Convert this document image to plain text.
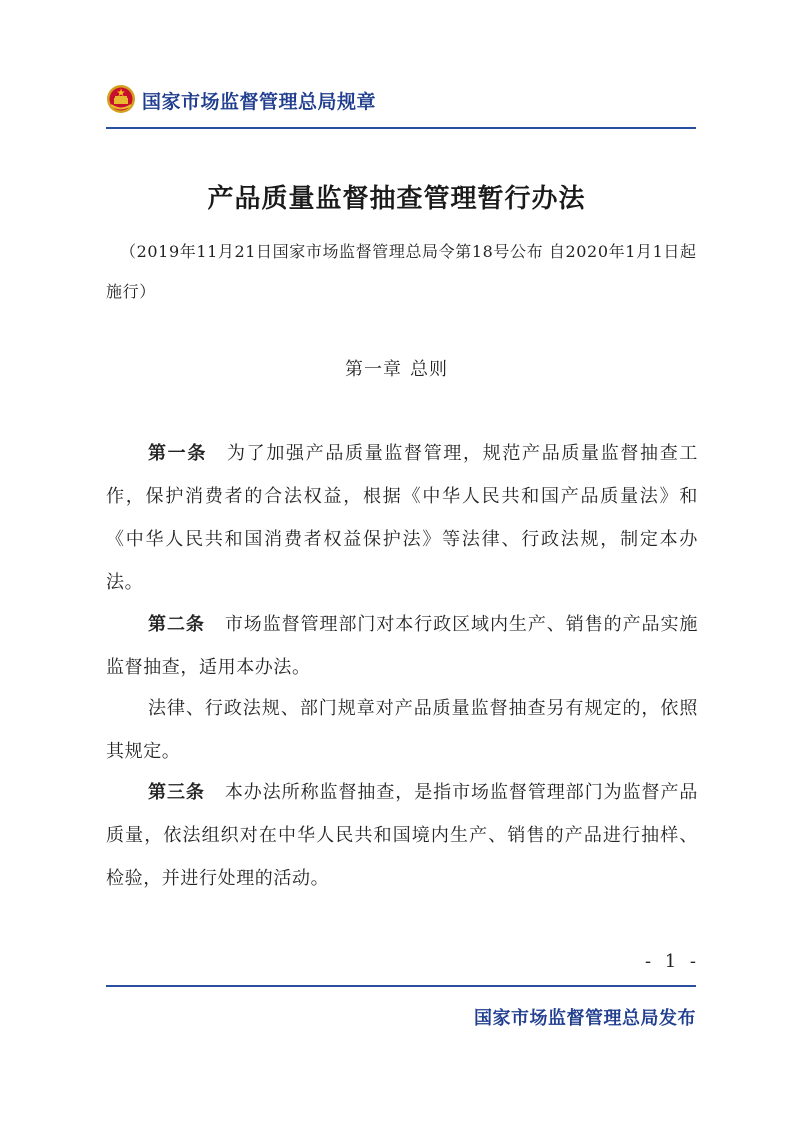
国家市场监督管理总局规章
产品质量监督抽查管理暂行办法
（2019年11月21日国家市场监督管理总局令第18号公布 自2020年1月1日起施行）
第一章 总则

第一条 为了加强产品质量监督管理，规范产品质量监督抽查工作，保护消费者的合法权益，根据《中华人民共和国产品质量法》和《中华人民共和国消费者权益保护法》等法律、行政法规，制定本办法。

第二条 市场监督管理部门对本行政区域内生产、销售的产品实施监督抽查，适用本办法。

法律、行政法规、部门规章对产品质量监督抽查另有规定的，依照其规定。

第三条 本办法所称监督抽查，是指市场监督管理部门为监督产品质量，依法组织对在中华人民共和国境内生产、销售的产品进行抽样、检验，并进行处理的活动。

- 1 -
国家市场监督管理总局发布
